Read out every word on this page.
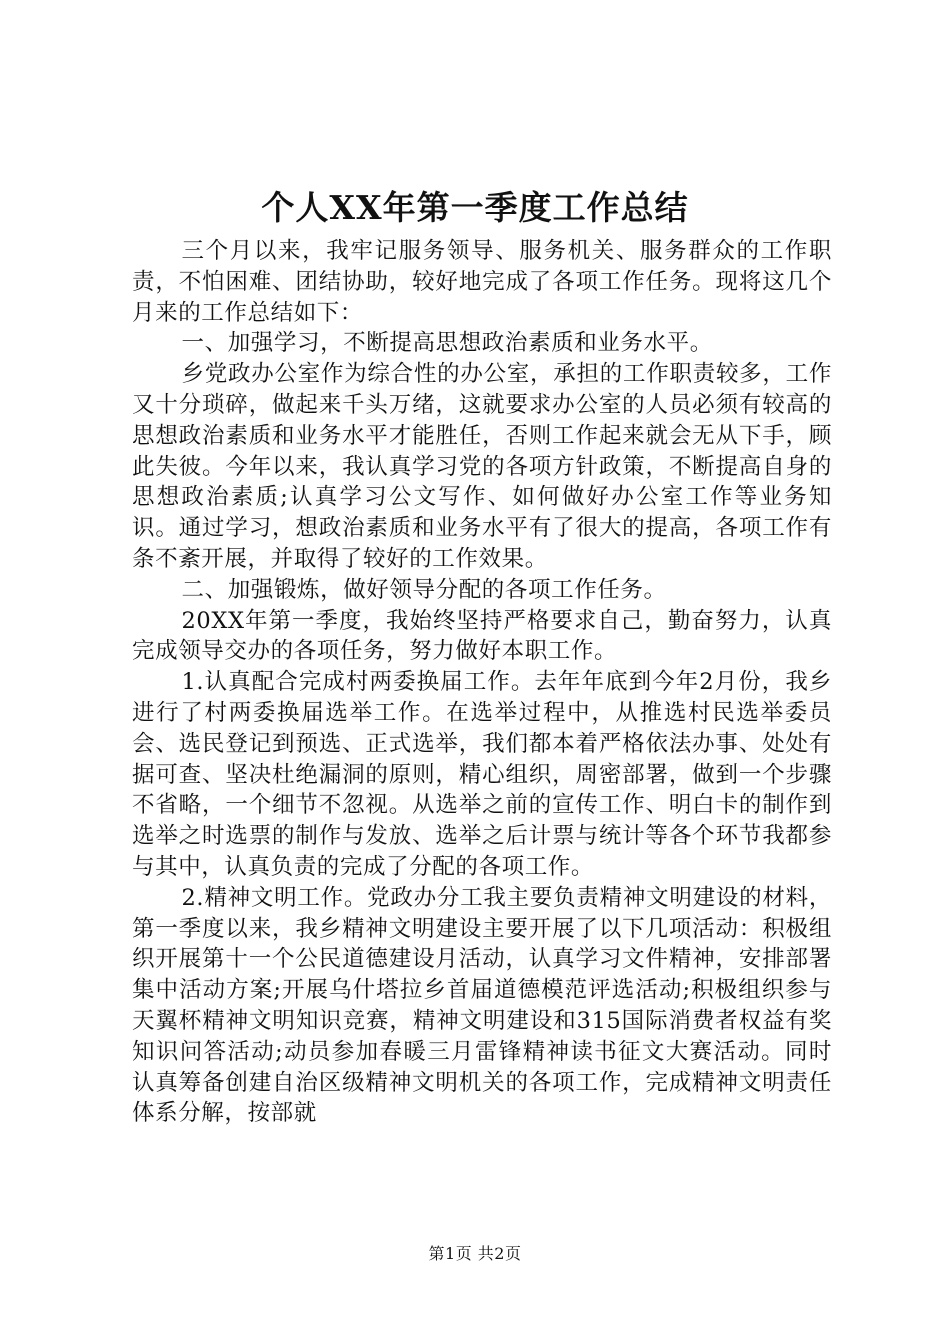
个人XX年第一季度工作总结

三个月以来，我牢记服务领导、服务机关、服务群众的工作职责，不怕困难、团结协助，较好地完成了各项工作任务。现将这几个月来的工作总结如下：

一、加强学习，不断提高思想政治素质和业务水平。

乡党政办公室作为综合性的办公室，承担的工作职责较多，工作又十分琐碎，做起来千头万绪，这就要求办公室的人员必须有较高的思想政治素质和业务水平才能胜任，否则工作起来就会无从下手，顾此失彼。今年以来，我认真学习党的各项方针政策，不断提高自身的思想政治素质;认真学习公文写作、如何做好办公室工作等业务知识。通过学习，想政治素质和业务水平有了很大的提高，各项工作有条不紊开展，并取得了较好的工作效果。

二、加强锻炼，做好领导分配的各项工作任务。

20XX年第一季度，我始终坚持严格要求自己，勤奋努力，认真完成领导交办的各项任务，努力做好本职工作。

1.认真配合完成村两委换届工作。去年年底到今年2月份，我乡进行了村两委换届选举工作。在选举过程中，从推选村民选举委员会、选民登记到预选、正式选举，我们都本着严格依法办事、处处有据可查、坚决杜绝漏洞的原则，精心组织，周密部署，做到一个步骤不省略，一个细节不忽视。从选举之前的宣传工作、明白卡的制作到选举之时选票的制作与发放、选举之后计票与统计等各个环节我都参与其中，认真负责的完成了分配的各项工作。

2.精神文明工作。党政办分工我主要负责精神文明建设的材料，第一季度以来，我乡精神文明建设主要开展了以下几项活动：积极组织开展第十一个公民道德建设月活动，认真学习文件精神，安排部署集中活动方案;开展乌什塔拉乡首届道德模范评选活动;积极组织参与天翼杯精神文明知识竞赛，精神文明建设和315国际消费者权益有奖知识问答活动;动员参加春暖三月雷锋精神读书征文大赛活动。同时认真筹备创建自治区级精神文明机关的各项工作，完成精神文明责任体系分解，按部就

第1页 共2页
